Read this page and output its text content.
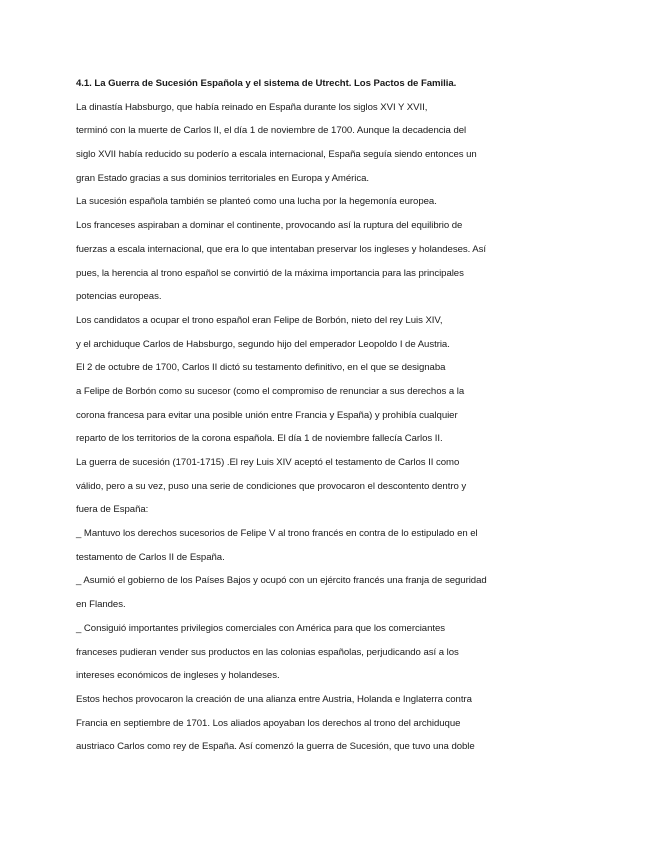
4.1. La Guerra de Sucesión Española y el sistema de Utrecht. Los Pactos de Familia.
La dinastía Habsburgo, que había reinado en España durante los siglos XVI Y XVII,
terminó con la muerte de Carlos II, el día 1 de noviembre de 1700. Aunque la decadencia del
siglo XVII había reducido su poderío a escala internacional, España seguía siendo entonces un
gran Estado gracias a sus dominios territoriales en Europa y América.
La sucesión española también se planteó como una lucha por la hegemonía europea.
Los franceses aspiraban a dominar el continente, provocando así la ruptura del equilibrio de
fuerzas a escala internacional, que era lo que intentaban preservar los ingleses y holandeses. Así
pues, la herencia al trono español se convirtió de la máxima importancia para las principales
potencias europeas.
Los candidatos a ocupar el trono español eran Felipe de Borbón, nieto del rey Luis XIV,
y el archiduque Carlos de Habsburgo, segundo hijo del emperador Leopoldo I de Austria.
El 2 de octubre de 1700, Carlos II dictó su testamento definitivo, en el que se designaba
a Felipe de Borbón como su sucesor (como el compromiso de renunciar a sus derechos a la
corona francesa para evitar una posible unión entre Francia y España) y prohibía cualquier
reparto de los territorios de la corona española. El día 1 de noviembre fallecía Carlos II.
La guerra de sucesión (1701-1715) .El rey Luis XIV aceptó el testamento de Carlos II como
válido, pero a su vez, puso una serie de condiciones que provocaron el descontento dentro y
fuera de España:
_ Mantuvo los derechos sucesorios de Felipe V al trono francés en contra de lo estipulado en el
testamento de Carlos II de España.
_ Asumió el gobierno de los Países Bajos y ocupó con un ejército francés una franja de seguridad
en Flandes.
_ Consiguió importantes privilegios comerciales con América para que los comerciantes
franceses pudieran vender sus productos en las colonias españolas, perjudicando así a los
intereses económicos de ingleses y holandeses.
Estos hechos provocaron la creación de una alianza entre Austria, Holanda e Inglaterra contra
Francia en septiembre de 1701. Los aliados apoyaban los derechos al trono del archiduque
austriaco Carlos como rey de España. Así comenzó la guerra de Sucesión, que tuvo una doble
